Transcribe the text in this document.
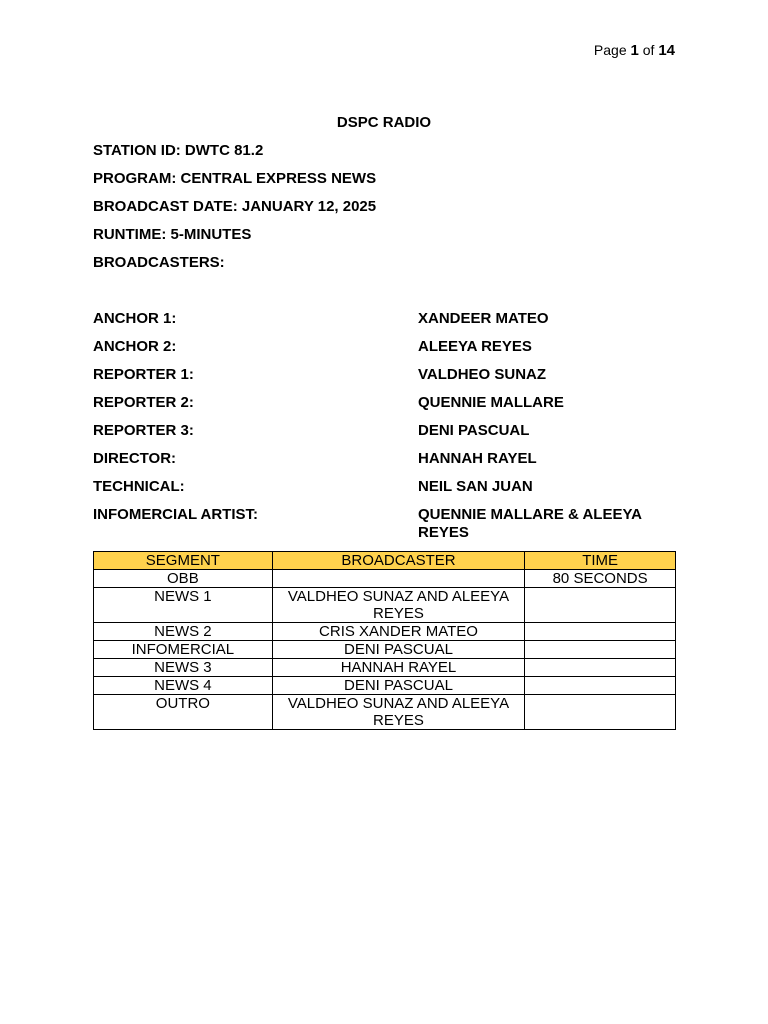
Page 1 of 14
DSPC RADIO
STATION ID: DWTC 81.2
PROGRAM: CENTRAL EXPRESS NEWS
BROADCAST DATE: JANUARY 12, 2025
RUNTIME: 5-MINUTES
BROADCASTERS:
ANCHOR 1:	XANDEER MATEO
ANCHOR 2:	ALEEYA REYES
REPORTER 1:	VALDHEO SUNAZ
REPORTER 2:	QUENNIE MALLARE
REPORTER 3:	DENI PASCUAL
DIRECTOR:	HANNAH RAYEL
TECHNICAL:	NEIL SAN JUAN
INFOMERCIAL ARTIST:	QUENNIE MALLARE & ALEEYA REYES
SEGMENT	BROADCASTER	TIME
OBB		80 SECONDS
NEWS 1	VALDHEO SUNAZ AND ALEEYA REYES	
NEWS 2	CRIS XANDER MATEO	
INFOMERCIAL	DENI PASCUAL	
NEWS 3	HANNAH RAYEL	
NEWS 4	DENI PASCUAL	
OUTRO	VALDHEO SUNAZ AND ALEEYA REYES	
